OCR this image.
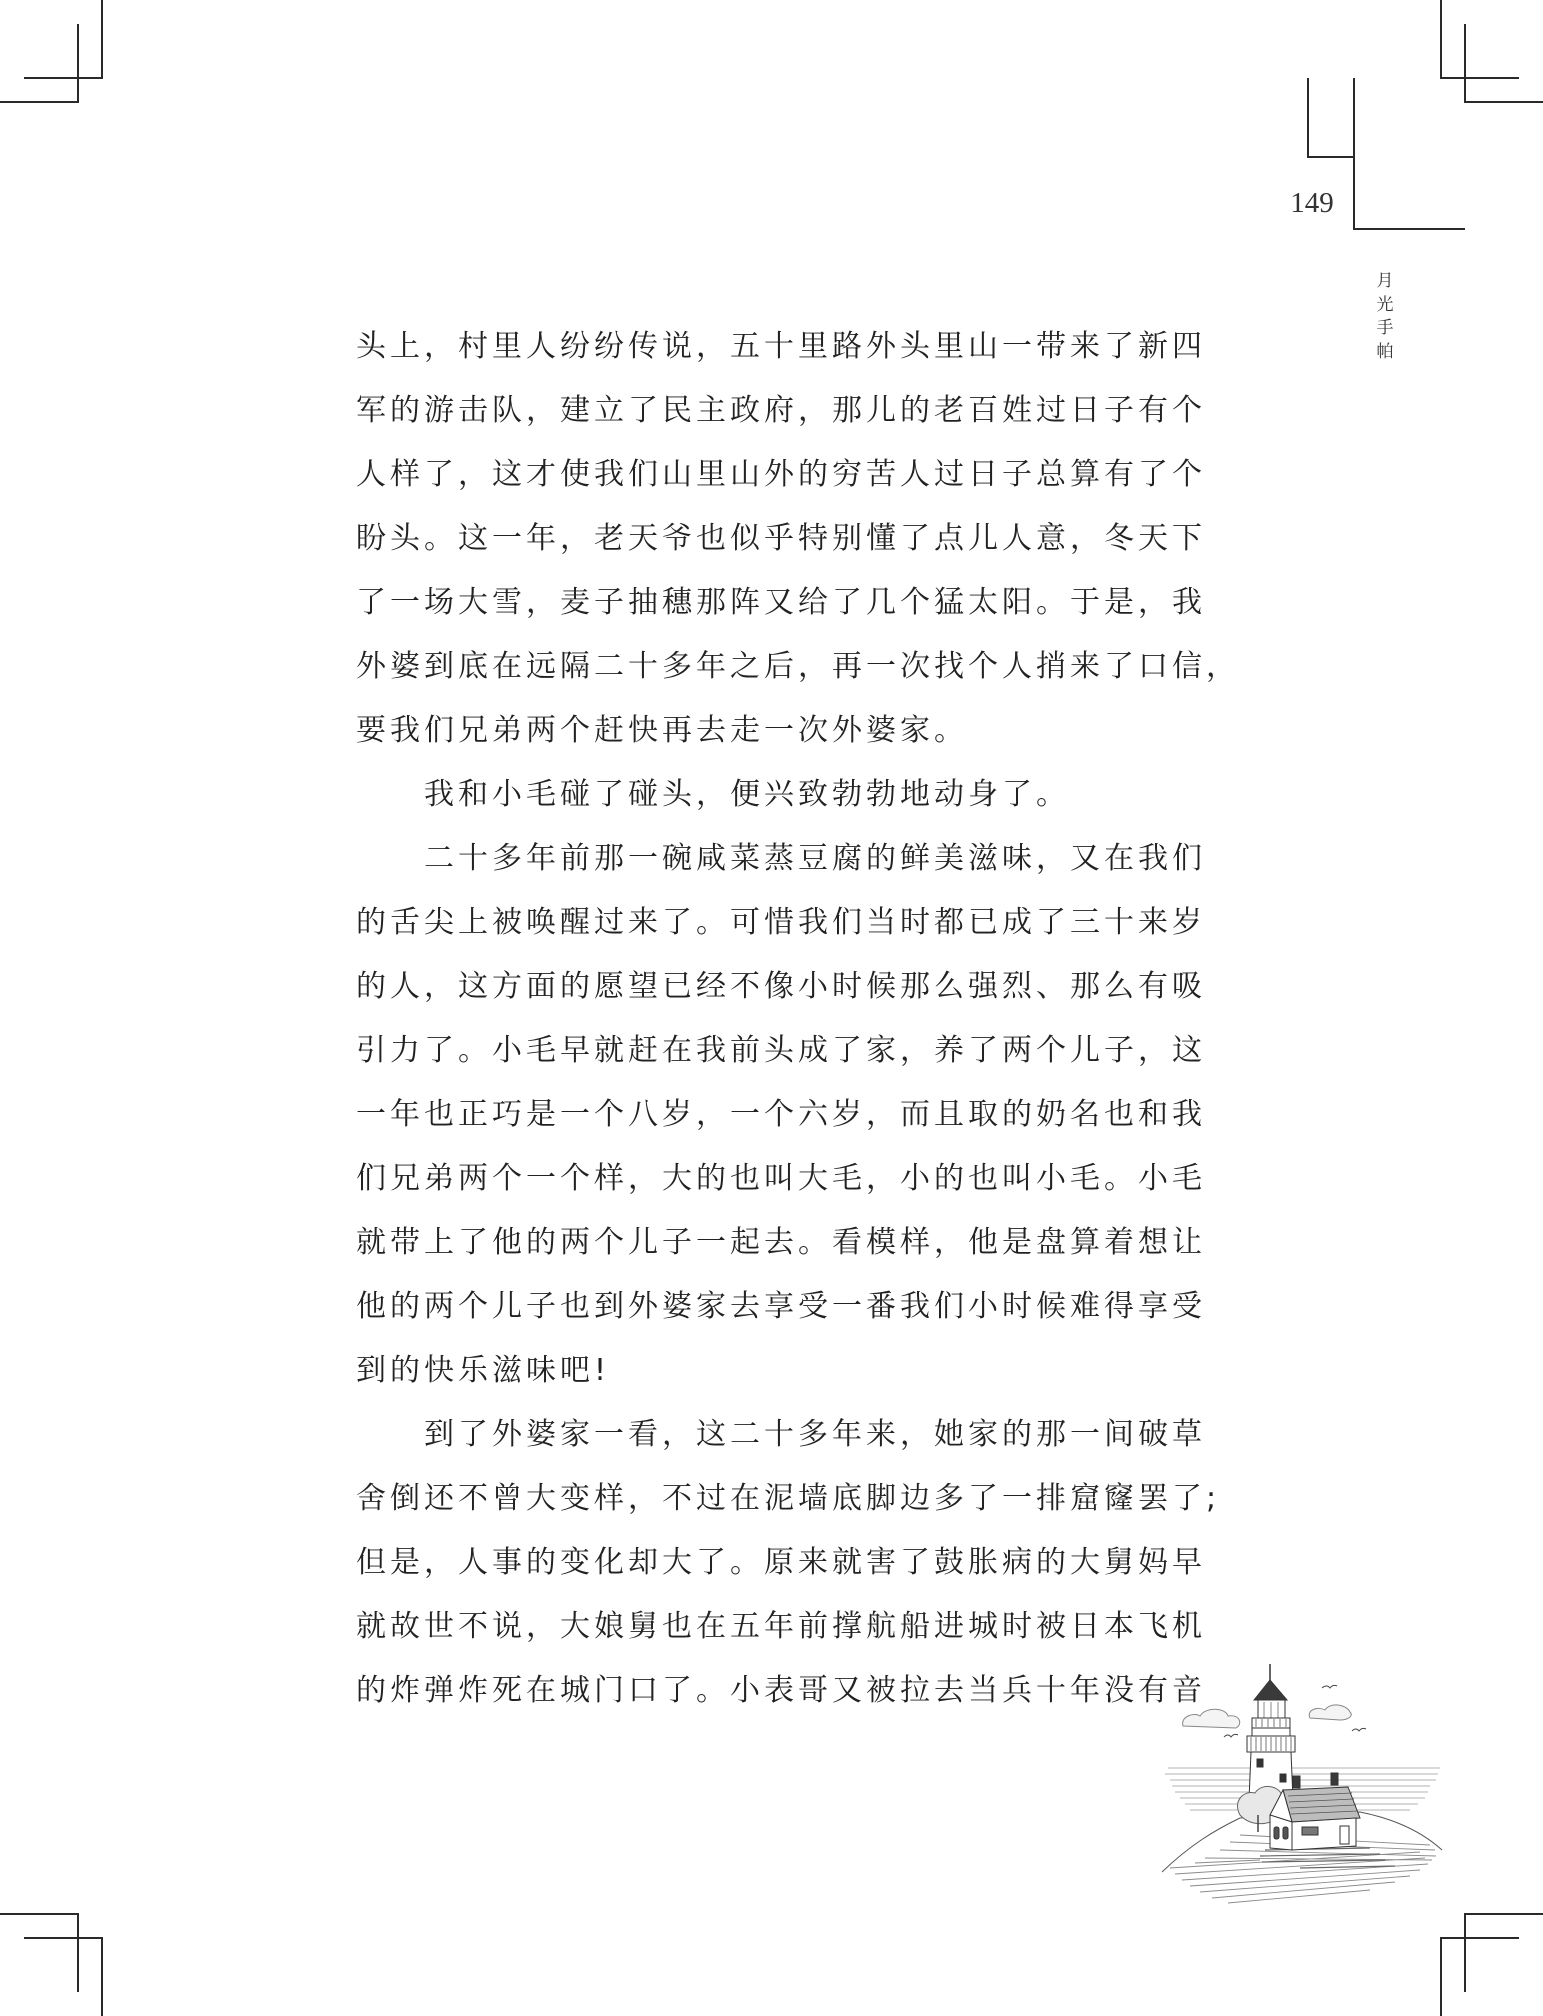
149
月
光
手
帕
头上，村里人纷纷传说，五十里路外头里山一带来了新四
军的游击队，建立了民主政府，那儿的老百姓过日子有个
人样了，这才使我们山里山外的穷苦人过日子总算有了个
盼头。这一年，老天爷也似乎特别懂了点儿人意，冬天下
了一场大雪，麦子抽穗那阵又给了几个猛太阳。于是，我
外婆到底在远隔二十多年之后，再一次找个人捎来了口信，
要我们兄弟两个赶快再去走一次外婆家。
我和小毛碰了碰头，便兴致勃勃地动身了。
二十多年前那一碗咸菜蒸豆腐的鲜美滋味，又在我们
的舌尖上被唤醒过来了。可惜我们当时都已成了三十来岁
的人，这方面的愿望已经不像小时候那么强烈、那么有吸
引力了。小毛早就赶在我前头成了家，养了两个儿子，这
一年也正巧是一个八岁，一个六岁，而且取的奶名也和我
们兄弟两个一个样，大的也叫大毛，小的也叫小毛。小毛
就带上了他的两个儿子一起去。看模样，他是盘算着想让
他的两个儿子也到外婆家去享受一番我们小时候难得享受
到的快乐滋味吧!
到了外婆家一看，这二十多年来，她家的那一间破草
舍倒还不曾大变样，不过在泥墙底脚边多了一排窟窿罢了;
但是，人事的变化却大了。原来就害了鼓胀病的大舅妈早
就故世不说，大娘舅也在五年前撑航船进城时被日本飞机
的炸弹炸死在城门口了。小表哥又被拉去当兵十年没有音
